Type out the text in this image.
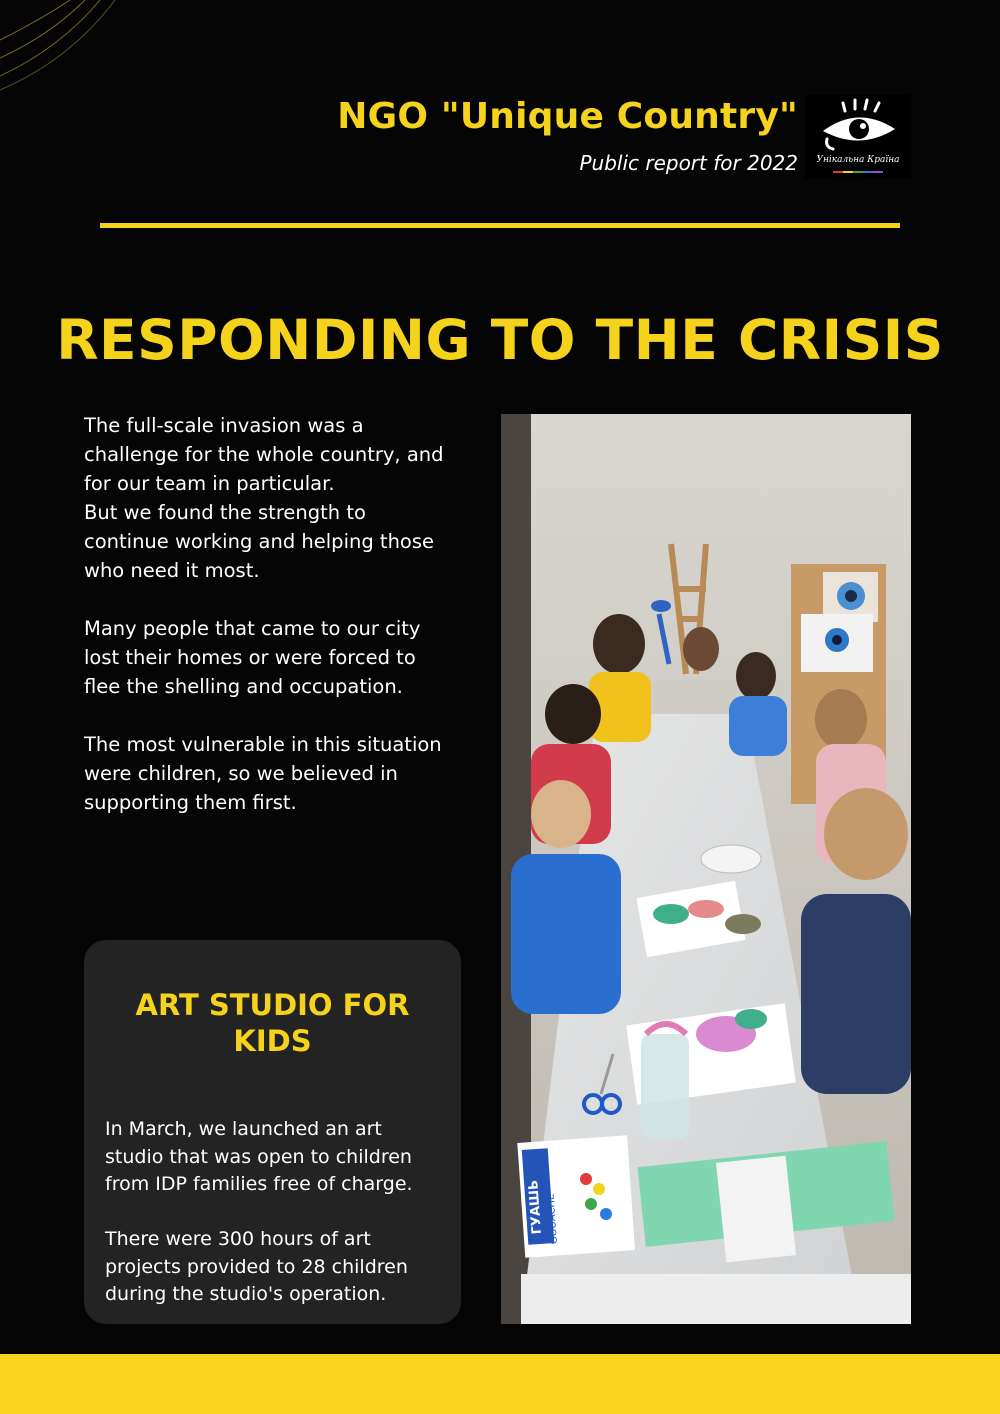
NGO "Unique Country"
Public report for 2022	Унікальна Країна
RESPONDING TO THE CRISIS

The full-scale invasion was a
challenge for the whole country, and
for our team in particular.
But we found the strength to
continue working and helping those
who need it most.

Many people that came to our city
lost their homes or were forced to
flee the shelling and occupation.

The most vulnerable in this situation
were children, so we believed in
supporting them first.

ГУАШЬ GOUACHE
ART STUDIO FOR
KIDS

In March, we launched an art
studio that was open to children
from IDP families free of charge.

There were 300 hours of art
projects provided to 28 children
during the studio's operation.
